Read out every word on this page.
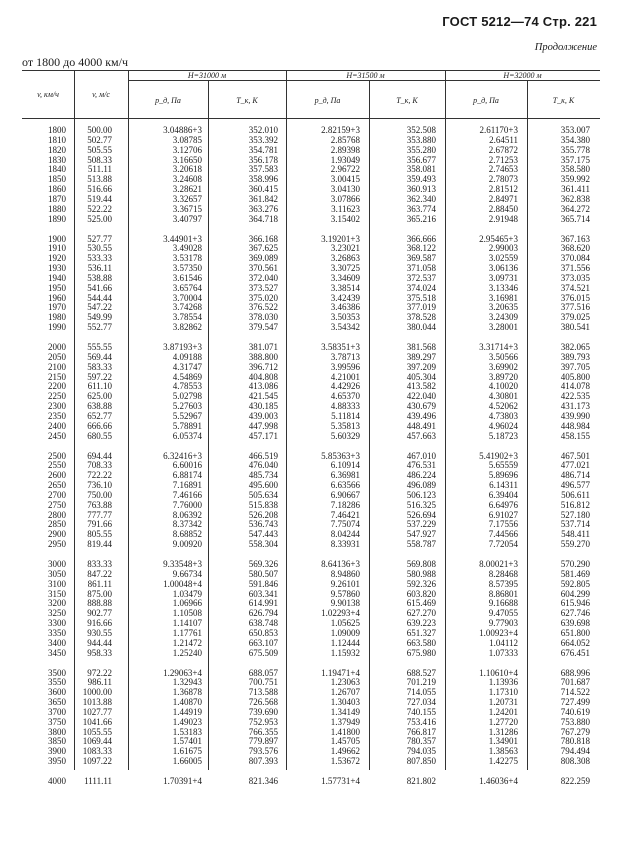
ГОСТ 5212—74 Стр. 221
Продолжение
от 1800 до 4000 км/ч
v, км/ч	v, м/с
H=31000 м	H=31500 м	H=32000 м
p_д, Па	T_к, К	p_д, Па	T_к, К	p_д, Па	T_к, К
1800 500.00	3.04886+3	352.010	2.82159+3	352.508	2.61170+3	353.007
1810 502.77	3.08785	353.392	2.85768	353.880	2.64511	354.380
1820 505.55	3.12706	354.781	2.89398	355.280	2.67872	355.778
1830 508.33	3.16650	356.178	1.93049	356.677	2.71253	357.175
1840 511.11	3.20618	357.583	2.96722	358.081	2.74653	358.580
1850 513.88	3.24608	358.996	3.00415	359.493	2.78073	359.992
1860 516.66	3.28621	360.415	3.04130	360.913	2.81512	361.411
1870 519.44	3.32657	361.842	3.07866	362.340	2.84971	362.838
1880 522.22	3.36715	363.276	3.11623	363.774	2.88450	364.272
1890 525.00	3.40797	364.718	3.15402	365.216	2.91948	365.714
1900 527.77	3.44901+3	366.168	3.19201+3	366.666	2.95465+3	367.163
1910 530.55	3.49028	367.625	3.23021	368.122	2.99003	368.620
1920 533.33	3.53178	369.089	3.26863	369.587	3.02559	370.084
1930 536.11	3.57350	370.561	3.30725	371.058	3.06136	371.556
1940 538.88	3.61546	372.040	3.34609	372.537	3.09731	373.035
1950 541.66	3.65764	373.527	3.38514	374.024	3.13346	374.521
1960 544.44	3.70004	375.020	3.42439	375.518	3.16981	376.015
1970 547.22	3.74268	376.522	3.46386	377.019	3.20635	377.516
1980 549.99	3.78554	378.030	3.50353	378.528	3.24309	379.025
1990 552.77	3.82862	379.547	3.54342	380.044	3.28001	380.541
2000 555.55	3.87193+3	381.071	3.58351+3	381.568	3.31714+3	382.065
2050 569.44	4.09188	388.800	3.78713	389.297	3.50566	389.793
2100 583.33	4.31747	396.712	3.99596	397.209	3.69902	397.705
2150 597.22	4.54869	404.808	4.21001	405.304	3.89720	405.800
2200 611.10	4.78553	413.086	4.42926	413.582	4.10020	414.078
2250 625.00	5.02798	421.545	4.65370	422.040	4.30801	422.535
2300 638.88	5.27603	430.185	4.88333	430.679	4.52062	431.173
2350 652.77	5.52967	439.003	5.11814	439.496	4.73803	439.990
2400 666.66	5.78891	447.998	5.35813	448.491	4.96024	448.984
2450 680.55	6.05374	457.171	5.60329	457.663	5.18723	458.155
2500 694.44	6.32416+3	466.519	5.85363+3	467.010	5.41902+3	467.501
2550 708.33	6.60016	476.040	6.10914	476.531	5.65559	477.021
2600 722.22	6.88174	485.734	6.36981	486.224	5.89696	486.714
2650 736.10	7.16891	495.600	6.63566	496.089	6.14311	496.577
2700 750.00	7.46166	505.634	6.90667	506.123	6.39404	506.611
2750 763.88	7.76000	515.838	7.18286	516.325	6.64976	516.812
2800 777.77	8.06392	526.208	7.46421	526.694	6.91027	527.180
2850 791.66	8.37342	536.743	7.75074	537.229	7.17556	537.714
2900 805.55	8.68852	547.443	8.04244	547.927	7.44566	548.411
2950 819.44	9.00920	558.304	8.33931	558.787	7.72054	559.270
3000 833.33	9.33548+3	569.326	8.64136+3	569.808	8.00021+3	570.290
3050 847.22	9.66734	580.507	8.94860	580.988	8.28468	581.469
3100 861.11	1.00048+4	591.846	9.26101	592.326	8.57395	592.805
3150 875.00	1.03479	603.341	9.57860	603.820	8.86801	604.299
3200 888.88	1.06966	614.991	9.90138	615.469	9.16688	615.946
3250 902.77	1.10508	626.794	1.02293+4	627.270	9.47055	627.746
3300 916.66	1.14107	638.748	1.05625	639.223	9.77903	639.698
3350 930.55	1.17761	650.853	1.09009	651.327	1.00923+4	651.800
3400 944.44	1.21472	663.107	1.12444	663.580	1.04112	664.052
3450 958.33	1.25240	675.509	1.15932	675.980	1.07333	676.451
3500 972.22	1.29063+4	688.057	1.19471+4	688.527	1.10610+4	688.996
3550 986.11	1.32943	700.751	1.23063	701.219	1.13936	701.687
3600 1000.00	1.36878	713.588	1.26707	714.055	1.17310	714.522
3650 1013.88	1.40870	726.568	1.30403	727.034	1.20731	727.499
3700 1027.77	1.44919	739.690	1.34149	740.155	1.24201	740.619
3750 1041.66	1.49023	752.953	1.37949	753.416	1.27720	753.880
3800 1055.55	1.53183	766.355	1.41800	766.817	1.31286	767.279
3850 1069.44	1.57401	779.897	1.45705	780.357	1.34901	780.818
3900 1083.33	1.61675	793.576	1.49662	794.035	1.38563	794.494
3950 1097.22	1.66005	807.393	1.53672	807.850	1.42275	808.308
4000 1111.11	1.70391+4	821.346	1.57731+4	821.802	1.46036+4	822.259
